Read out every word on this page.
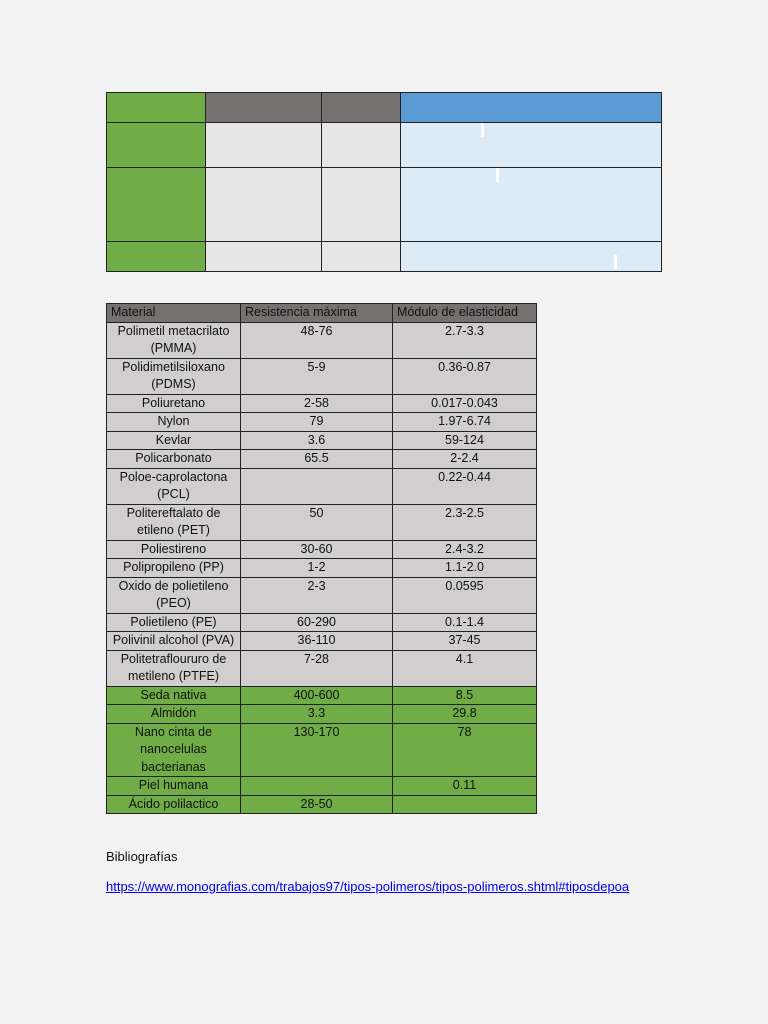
Material	Resistencia máxima	Módulo de elasticidad
Polimetil metacrilato (PMMA)	48-76	2.7-3.3
Polidimetilsiloxano (PDMS)	5-9	0.36-0.87
Poliuretano	2-58	0.017-0.043
Nylon	79	1.97-6.74
Kevlar	3.6	59-124
Policarbonato	65.5	2-2.4
Poloe-caprolactona (PCL)		0.22-0.44
Politereftalato de etileno (PET)	50	2.3-2.5
Poliestireno	30-60	2.4-3.2
Polipropileno (PP)	1-2	1.1-2.0
Oxido de polietileno (PEO)	2-3	0.0595
Polietileno (PE)	60-290	0.1-1.4
Polivinil alcohol (PVA)	36-110	37-45
Politetrafloururo de metileno (PTFE)	7-28	4.1
Seda nativa	400-600	8.5
Almidón	3.3	29.8
Nano cinta de nanocelulas bacterianas	130-170	78
Piel humana		0.11
Ácido polilactico	28-50	
Bibliografías
https://www.monografias.com/trabajos97/tipos-polimeros/tipos-polimeros.shtml#tiposdepoa
